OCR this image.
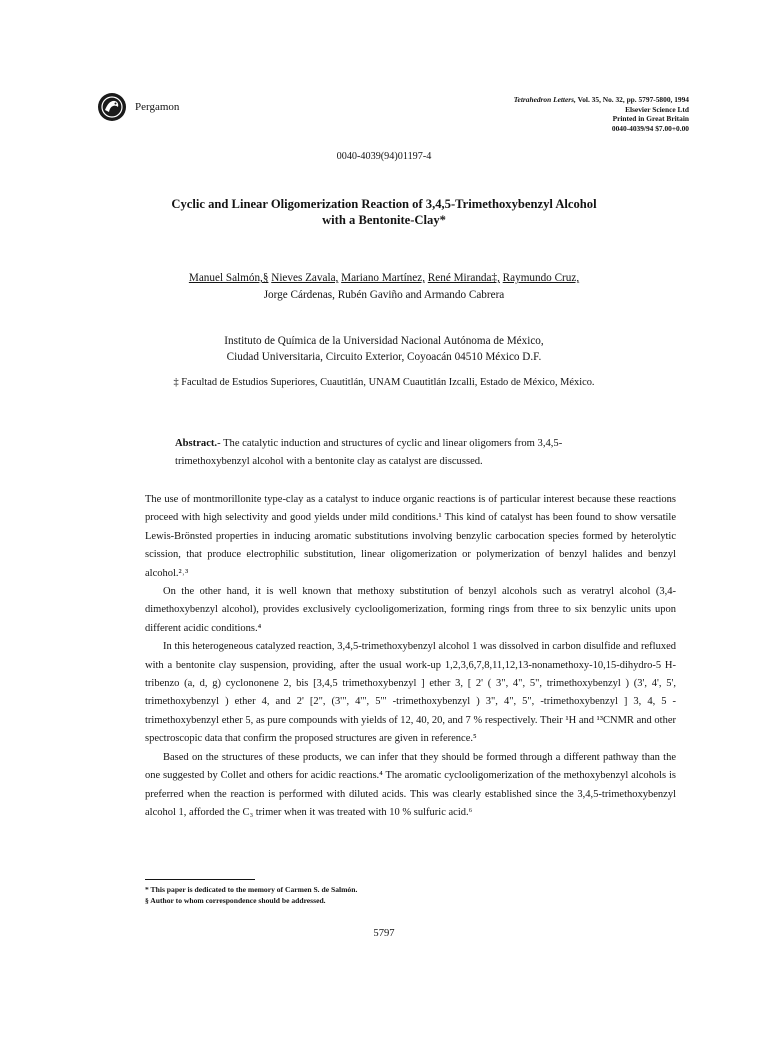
Pergamon
Tetrahedron Letters, Vol. 35, No. 32, pp. 5797-5800, 1994
Elsevier Science Ltd
Printed in Great Britain
0040-4039/94 $7.00+0.00
0040-4039(94)01197-4
Cyclic and Linear Oligomerization Reaction of 3,4,5-Trimethoxybenzyl Alcohol
with a Bentonite-Clay*
Manuel Salmón,§ Nieves Zavala, Mariano Martínez, René Miranda‡, Raymundo Cruz,
Jorge Cárdenas, Rubén Gaviño and Armando Cabrera
Instituto de Química de la Universidad Nacional Autónoma de México,
Ciudad Universitaria, Circuito Exterior, Coyoacán 04510 México D.F.
‡ Facultad de Estudios Superiores, Cuautitlán, UNAM Cuautitlán Izcalli, Estado de México, México.
Abstract.- The catalytic induction and structures of cyclic and linear oligomers from 3,4,5-trimethoxybenzyl alcohol with a bentonite clay as catalyst are discussed.

The use of montmorillonite type-clay as a catalyst to induce organic reactions is of particular interest because these reactions proceed with high selectivity and good yields under mild conditions.¹ This kind of catalyst has been found to show versatile Lewis-Brönsted properties in inducing aromatic substitutions involving benzylic carbocation species formed by heterolytic scission, that produce electrophilic substitution, linear oligomerization or polymerization of benzyl halides and benzyl alcohol.²˒³

On the other hand, it is well known that methoxy substitution of benzyl alcohols such as veratryl alcohol (3,4-dimethoxybenzyl alcohol), provides exclusively cyclooligomerization, forming rings from three to six benzylic units upon different acidic conditions.⁴

In this heterogeneous catalyzed reaction, 3,4,5-trimethoxybenzyl alcohol 1 was dissolved in carbon disulfide and refluxed with a bentonite clay suspension, providing, after the usual work-up 1,2,3,6,7,8,11,12,13-nonamethoxy-10,15-dihydro-5 H-tribenzo (a, d, g) cyclononene 2, bis [3,4,5 trimethoxybenzyl ] ether 3, [ 2' ( 3", 4", 5", trimethoxybenzyl ) (3', 4', 5', trimethoxybenzyl ) ether 4, and 2' [2", (3'", 4'", 5'" -trimethoxybenzyl ) 3", 4", 5", -trimethoxybenzyl ] 3, 4, 5 -trimethoxybenzyl ether 5, as pure compounds with yields of 12, 40, 20, and 7 % respectively. Their ¹H and ¹³CNMR and other spectroscopic data that confirm the proposed structures are given in reference.⁵

Based on the structures of these products, we can infer that they should be formed through a different pathway than the one suggested by Collet and others for acidic reactions.⁴ The aromatic cyclooligomerization of the methoxybenzyl alcohols is preferred when the reaction is performed with diluted acids. This was clearly established since the 3,4,5-trimethoxybenzyl alcohol 1, afforded the C₃ trimer when it was treated with 10 % sulfuric acid.⁶

* This paper is dedicated to the memory of Carmen S. de Salmón.
§ Author to whom correspondence should be addressed.
5797
